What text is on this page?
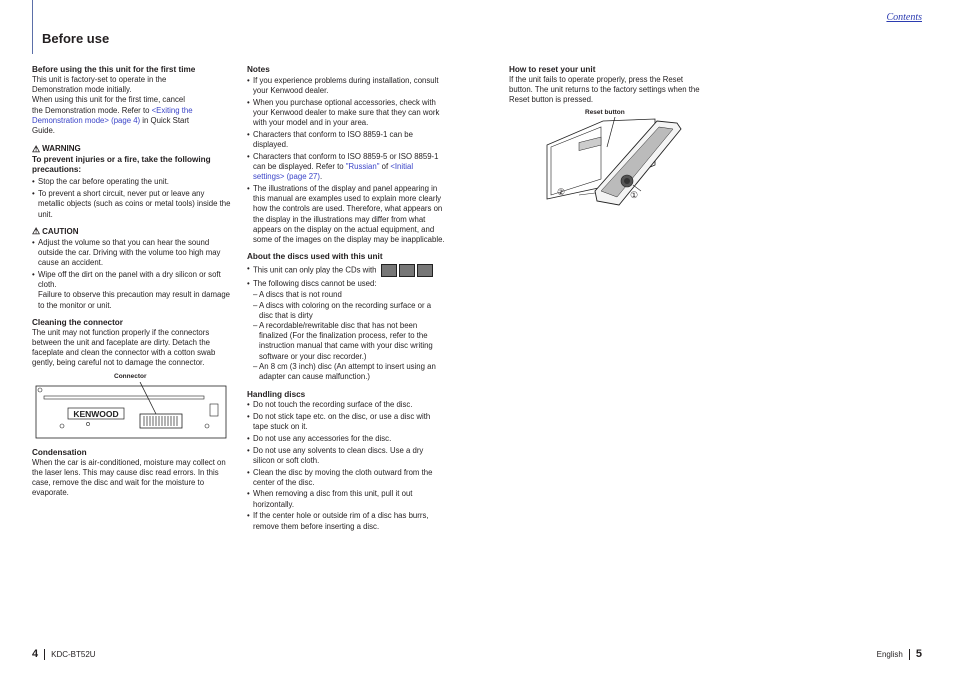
Before use
Contents

Before using the this unit for the first time

This unit is factory-set to operate in the
Demonstration mode initially.
When using this unit for the first time, cancel
the Demonstration mode. Refer to <Exiting the
Demonstration mode> (page 4) in Quick Start
Guide.

⚠ WARNING

To prevent injuries or a fire, take the following precautions:

• Stop the car before operating the unit.
• To prevent a short circuit, never put or leave any metallic objects (such as coins or metal tools) inside the unit.
⚠ CAUTION
• Adjust the volume so that you can hear the sound outside the car. Driving with the volume too high may cause an accident.
• Wipe off the dirt on the panel with a dry silicon or soft cloth.
Failure to observe this precaution may result in damage to the monitor or unit.

Cleaning the connector

The unit may not function properly if the connectors between the unit and faceplate are dirty. Detach the faceplate and clean the connector with a cotton swab gently, being careful not to damage the connector.

Connector
KENWOOD

Condensation

When the car is air-conditioned, moisture may collect on the laser lens. This may cause disc read errors. In this case, remove the disc and wait for the moisture to evaporate.

Notes

• If you experience problems during installation, consult your Kenwood dealer.
• When you purchase optional accessories, check with your Kenwood dealer to make sure that they can work with your model and in your area.
• Characters that conform to ISO 8859-1 can be displayed.
• Characters that conform to ISO 8859-5 or ISO 8859-1 can be displayed. Refer to "Russian" of <Initial settings> (page 27).
• The illustrations of the display and panel appearing in this manual are examples used to explain more clearly how the controls are used. Therefore, what appears on the display in the illustrations may differ from what appears on the display on the actual equipment, and some of the images on the display may be inapplicable.

About the discs used with this unit

• This unit can only play the CDs with
• The following discs cannot be used:
– A discs that is not round
– A discs with coloring on the recording surface or a disc that is dirty
– A recordable/rewritable disc that has not been finalized (For the finalization process, refer to the instruction manual that came with your disc writing software or your disc recorder.)
– An 8 cm (3 inch) disc (An attempt to insert using an adapter can cause malfunction.)

Handling discs

• Do not touch the recording surface of the disc.
• Do not stick tape etc. on the disc, or use a disc with tape stuck on it.
• Do not use any accessories for the disc.
• Do not use any solvents to clean discs. Use a dry silicon or soft cloth.
• Clean the disc by moving the cloth outward from the center of the disc.
• When removing a disc from this unit, pull it out horizontally.
• If the center hole or outside rim of a disc has burrs, remove them before inserting a disc.

How to reset your unit

If the unit fails to operate properly, press the Reset button. The unit returns to the factory settings when the Reset button is pressed.

Reset button
②	①
4 KDC-BT52U	English 5
